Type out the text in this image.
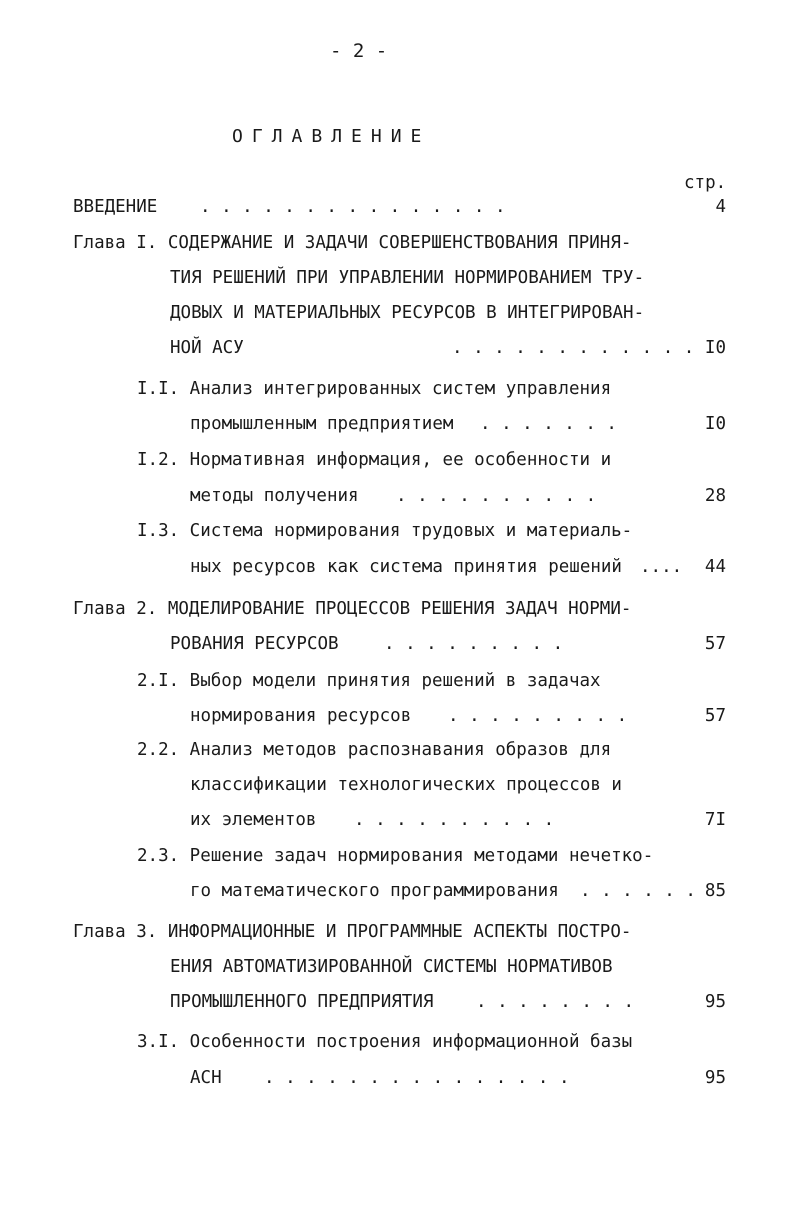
- 2 -
ОГЛАВЛЕНИЕ
стр.
ВВЕДЕНИЕ . . . . . . . . . . . . . . .	4
Глава I. СОДЕРЖАНИЕ И ЗАДАЧИ СОВЕРШЕНСТВОВАНИЯ ПРИНЯ-
ТИЯ РЕШЕНИЙ ПРИ УПРАВЛЕНИИ НОРМИРОВАНИЕМ ТРУ-
ДОВЫХ И МАТЕРИАЛЬНЫХ РЕСУРСОВ В ИНТЕГРИРОВАН-
НОЙ АСУ	. . . . . . . . . . . . I0
I.I. Анализ интегрированных систем управления
промышленным предприятием . . . . . . .	I0
I.2. Нормативная информация, ее особенности и
методы получения . . . . . . . . . .	28
I.3. Система нормирования трудовых и материаль-
ных ресурсов как система принятия решений ....	44
Глава 2. МОДЕЛИРОВАНИЕ ПРОЦЕССОВ РЕШЕНИЯ ЗАДАЧ НОРМИ-
РОВАНИЯ РЕСУРСОВ	. . . . . . . . .	57
2.I. Выбор модели принятия решений в задачах
нормирования ресурсов . . . . . . . . .	57
2.2. Анализ методов распознавания образов для
классификации технологических процессов и
их элементов . . . . . . . . . .	7I
2.3. Решение задач нормирования методами нечетко-
го математического программирования . . . . . . 85
Глава 3. ИНФОРМАЦИОННЫЕ И ПРОГРАММНЫЕ АСПЕКТЫ ПОСТРО-
ЕНИЯ АВТОМАТИЗИРОВАННОЙ СИСТЕМЫ НОРМАТИВОВ
ПРОМЫШЛЕННОГО ПРЕДПРИЯТИЯ . . . . . . . .	95
3.I. Особенности построения информационной базы
АСН . . . . . . . . . . . . . . .	95
